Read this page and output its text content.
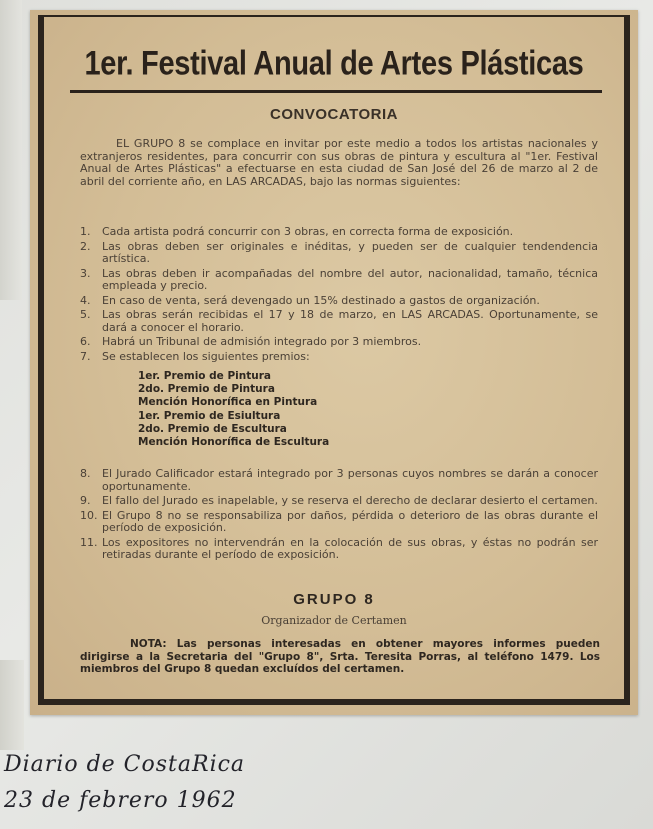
1er. Festival Anual de Artes Plásticas
CONVOCATORIA
EL GRUPO 8 se complace en invitar por este medio a todos los artistas nacionales y extranjeros residentes, para concurrir con sus obras de pintura y escultura al "1er. Festival Anual de Artes Plásticas" a efectuarse en esta ciudad de San José del 26 de marzo al 2 de abril del corriente año, en LAS ARCADAS, bajo las normas siguientes:
1.	Cada artista podrá concurrir con 3 obras, en correcta forma de exposición.
2.	Las obras deben ser originales e inéditas, y pueden ser de cualquier tendendencia artística.
3.	Las obras deben ir acompañadas del nombre del autor, nacionalidad, tamaño, técnica empleada y precio.
4.	En caso de venta, será devengado un 15% destinado a gastos de organización.
5.	Las obras serán recibidas el 17 y 18 de marzo, en LAS ARCADAS. Oportunamente, se dará a conocer el horario.
6.	Habrá un Tribunal de admisión integrado por 3 miembros.
7.	Se establecen los siguientes premios:
1er. Premio de Pintura
2do. Premio de Pintura
Mención Honorífica en Pintura
1er. Premio de Esiultura
2do. Premio de Escultura
Mención Honorífica de Escultura
8.	El Jurado Calificador estará integrado por 3 personas cuyos nombres se darán a conocer oportunamente.
9.	El fallo del Jurado es inapelable, y se reserva el derecho de declarar desierto el certamen.
10. El Grupo 8 no se responsabiliza por daños, pérdida o deterioro de las obras durante el período de exposición.
11. Los expositores no intervendrán en la colocación de sus obras, y éstas no podrán ser retiradas durante el período de exposición.
GRUPO 8
Organizador de Certamen
NOTA: Las personas interesadas en obtener mayores informes pueden dirigirse a la Secretaria del "Grupo 8", Srta. Teresita Porras, al teléfono 1479. Los miembros del Grupo 8 quedan excluídos del certamen.
Diario de CostaRica
23 de febrero 1962
